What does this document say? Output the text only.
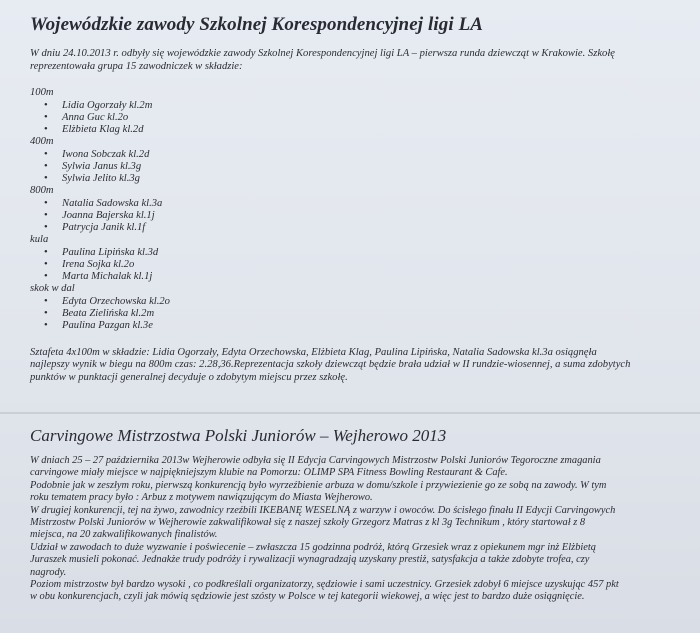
Wojewódzkie zawody Szkolnej Korespondencyjnej ligi LA

W dniu 24.10.2013 r. odbyły się wojewódzkie zawody Szkolnej Korespondencyjnej ligi LA – pierwsza runda dziewcząt w Krakowie. Szkołę

reprezentowała grupa 15 zawodniczek w składzie:

100m

• Lidia Ogorzały kl.2m
• Anna Guc kl.2o
• Elżbieta Klag kl.2d

400m

• Iwona Sobczak kl.2d
• Sylwia Janus kl.3g
• Sylwia Jelito kl.3g

800m

• Natalia Sadowska kl.3a
• Joanna Bajerska kl.1j
• Patrycja Janik kl.1f

kula

• Paulina Lipińska kl.3d
• Irena Sojka kl.2o
• Marta Michalak kl.1j

skok w dal

• Edyta Orzechowska kl.2o
• Beata Zielińska kl.2m
• Paulina Pazgan kl.3e

Sztafeta 4x100m w składzie: Lidia Ogorzały, Edyta Orzechowska, Elżbieta Klag, Paulina Lipińska, Natalia Sadowska kl.3a osiągnęła

najlepszy wynik w biegu na 800m czas: 2.28,36.Reprezentacja szkoły dziewcząt będzie brała udział w II rundzie-wiosennej, a suma zdobytych

punktów w punktacji generalnej decyduje o zdobytym miejscu przez szkołę.

Carvingowe Mistrzostwa Polski Juniorów – Wejherowo 2013
W dniach 25 – 27 października 2013w Wejherowie odbyła się II Edycja Carvingowych Mistrzostw Polski Juniorów Tegoroczne zmagania
carvingowe miały miejsce w najpiękniejszym klubie na Pomorzu: OLIMP SPA Fitness Bowling Restaurant & Cafe.
Podobnie jak w zeszłym roku, pierwszą konkurencją było wyrzeźbienie arbuza w domu/szkole i przywiezienie go ze sobą na zawody. W tym
roku tematem pracy było : Arbuz z motywem nawiązującym do Miasta Wejherowo.
W drugiej konkurencji, tej na żywo, zawodnicy rzeźbili IKEBANĘ WESELNĄ z warzyw i owoców. Do ścisłego finału II Edycji Carvingowych
Mistrzostw Polski Juniorów w Wejherowie zakwalifikował się z naszej szkoły Grzegorz Matras z kl 3g Technikum , który startował z 8
miejsca, na 20 zakwalifikowanych finalistów.
Udział w zawodach to duże wyzwanie i poświecenie – zwłaszcza 15 godzinna podróż, którą Grzesiek wraz z opiekunem mgr inż Elżbietą
Juraszek musieli pokonać. Jednakże trudy podróży i rywalizacji wynagradzają uzyskany prestiż, satysfakcja a także zdobyte trofea, czy
nagrody.
Poziom mistrzostw był bardzo wysoki , co podkreślali organizatorzy, sędziowie i sami uczestnicy. Grzesiek zdobył 6 miejsce uzyskując 457 pkt
w obu konkurencjach, czyli jak mówią sędziowie jest szósty w Polsce w tej kategorii wiekowej, a więc jest to bardzo duże osiągnięcie.
